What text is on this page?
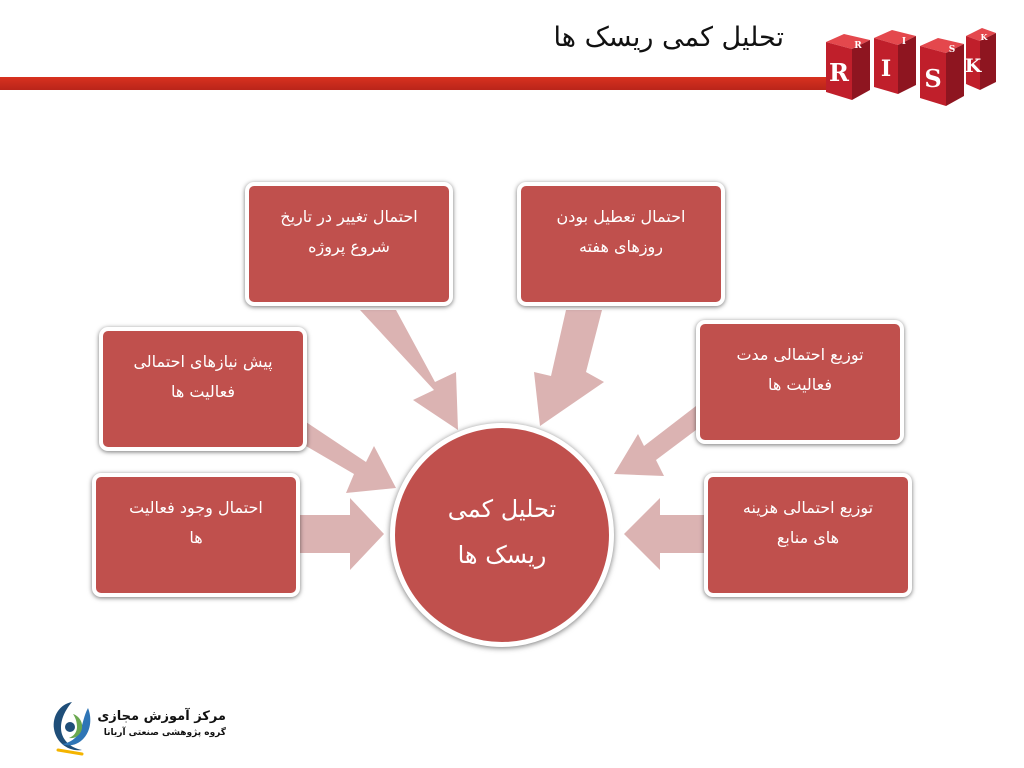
تحلیل کمی ریسک ها
R
R
I
I
S
S
K
K
احتمال تغییر در تاریخ
شروع پروژه
احتمال تعطیل بودن
روزهای هفته
پیش نیازهای احتمالی
فعالیت ها
توزیع احتمالی مدت
فعالیت ها
احتمال وجود فعالیت
ها
توزیع احتمالی هزینه
های منابع
تحلیل کمی
ریسک ها
مرکز آموزش مجازی
گروه پژوهشی صنعتی آریانا
